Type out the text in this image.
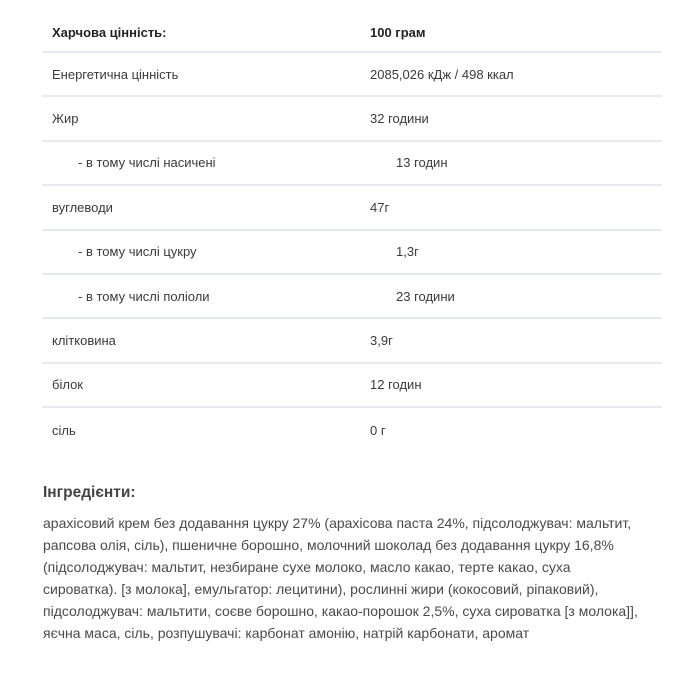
Харчова цінність:	100 грам
Енергетична цінність	2085,026 кДж / 498 ккал
Жир	32 години
- в тому числі насичені	13 годин
вуглеводи	47г
- в тому числі цукру	1,3г
- в тому числі поліоли	23 години
клітковина	3,9г
білок	12 годин
сіль	0 г
Інгредієнти:

арахісовий крем без додавання цукру 27% (арахісова паста 24%, підсолоджувач: мальтит, рапсова олія, сіль), пшеничне борошно, молочний шоколад без додавання цукру 16,8% (підсолоджувач: мальтит, незбиране сухе молоко, масло какао, терте какао, суха сироватка). [з молока], емульгатор: лецитини), рослинні жири (кокосовий, ріпаковий), підсолоджувач: мальтити, соєве борошно, какао-порошок 2,5%, суха сироватка [з молока]], яєчна маса, сіль, розпушувачі: карбонат амонію, натрій карбонати, аромат
